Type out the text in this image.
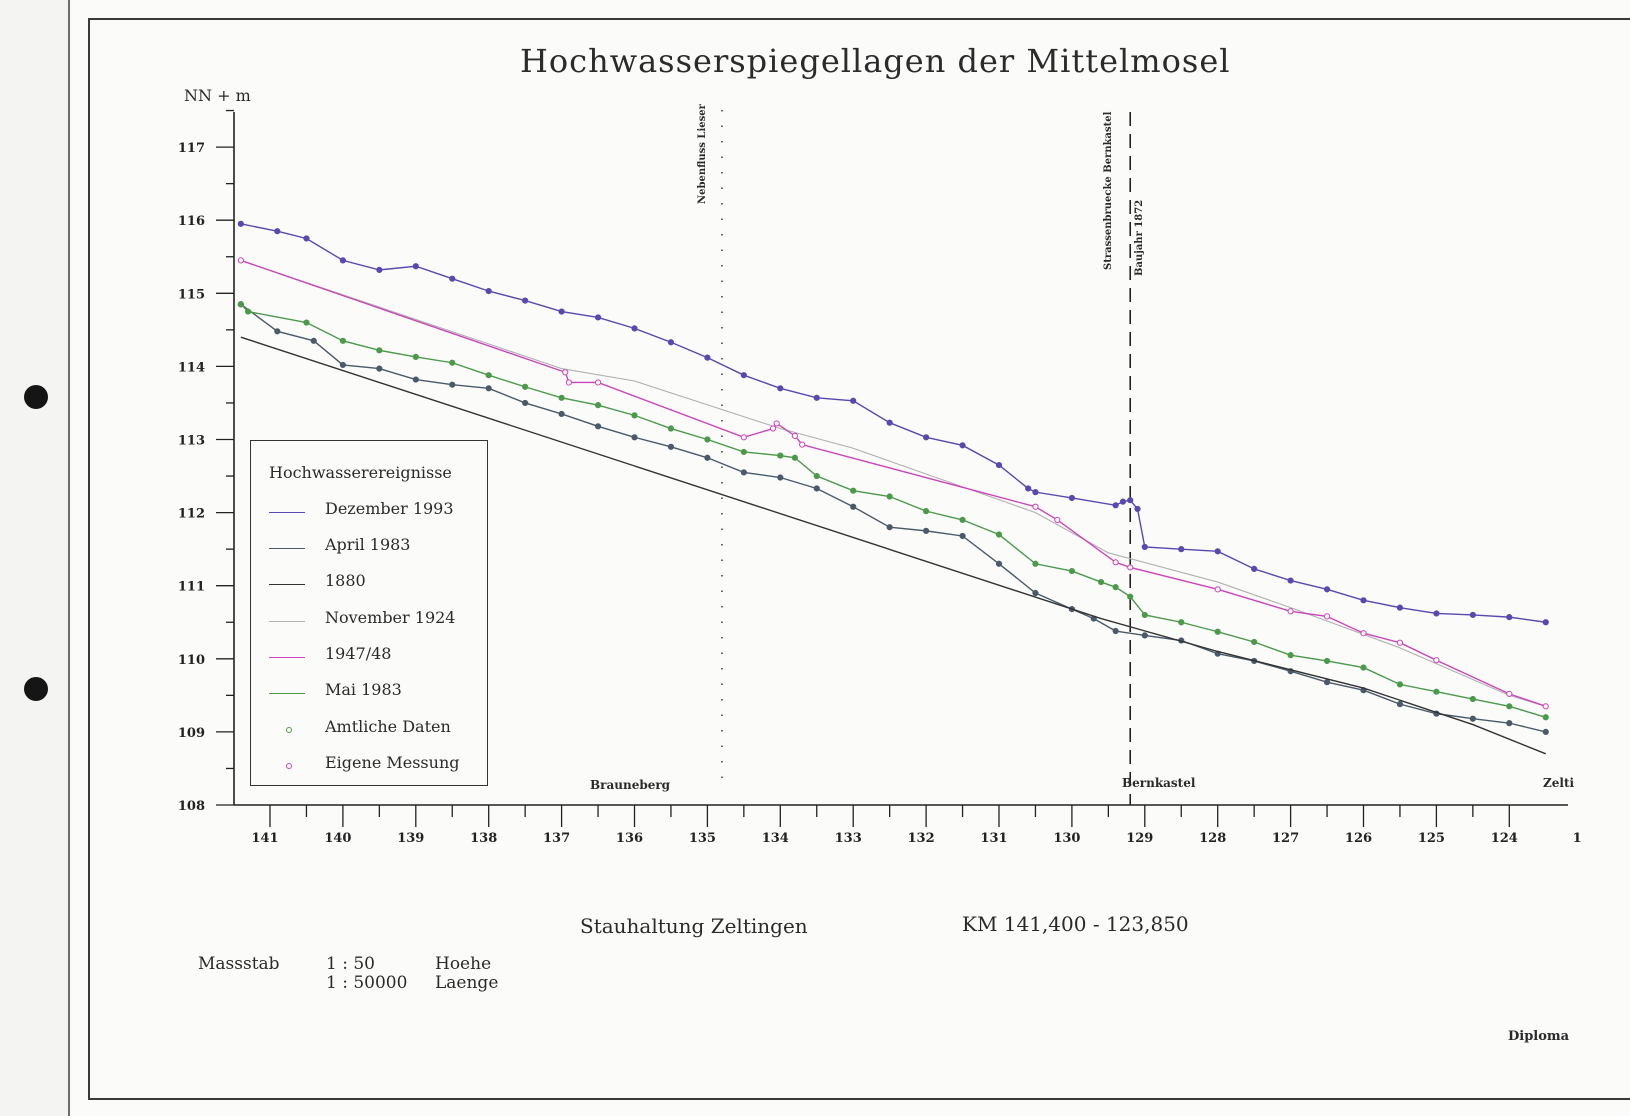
108
109
110
111
112
113
114
115
116
117
141	140	139	138	137	136	135	134	133	132	131	130	129	128	127	126	125	124	1
Hochwasserspiegellagen der Mittelmosel
NN + m
Nebenfluss Lieser	Strassenbruecke Bernkastel Baujahr 1872
Brauneberg	Bernkastel	Zelti
Hochwasserereignisse
Dezember 1993
April 1983
1880
November 1924
1947/48
Mai 1983
Amtliche Daten
Eigene Messung
Stauhaltung Zeltingen	KM 141,400 - 123,850
Massstab	1 : 50	Hoehe
1 : 50000 Laenge
Diploma
